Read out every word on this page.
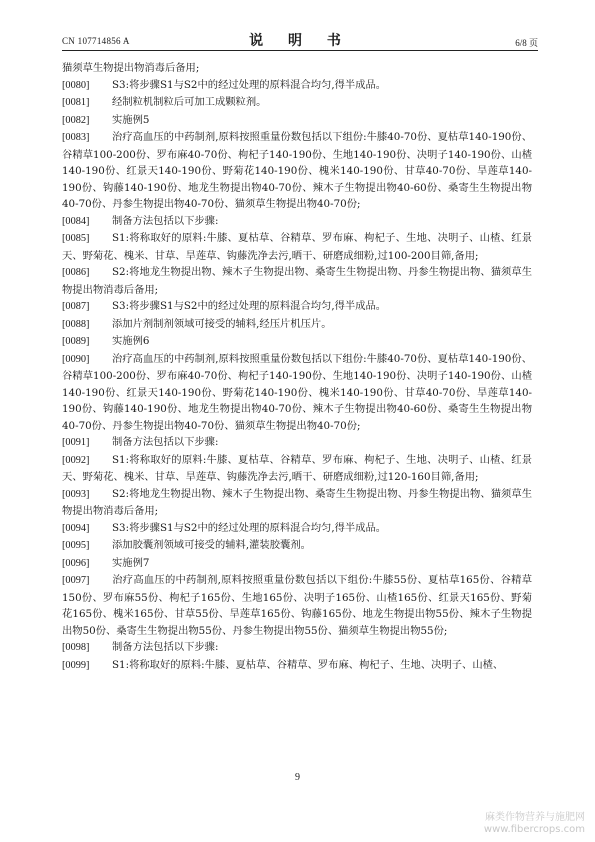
CN 107714856 A	说 明 书	6/8 页

猫须草生物提出物消毒后备用;

[0080] S3:将步骤S1与S2中的经过处理的原料混合均匀,得半成品。

[0081] 经制粒机制粒后可加工成颗粒剂。

[0082] 实施例5

[0083] 治疗高血压的中药制剂,原料按照重量份数包括以下组份:牛膝40-70份、夏枯草140-190份、谷精草100-200份、罗布麻40-70份、枸杞子140-190份、生地140-190份、决明子140-190份、山楂140-190份、红景天140-190份、野菊花140-190份、槐米140-190份、甘草40-70份、旱莲草140-190份、钩藤140-190份、地龙生物提出物40-70份、辣木子生物提出物40-60份、桑寄生生物提出物40-70份、丹参生物提出物40-70份、猫须草生物提出物40-70份;

[0084] 制备方法包括以下步骤:

[0085] S1:将称取好的原料:牛膝、夏枯草、谷精草、罗布麻、枸杞子、生地、决明子、山楂、红景天、野菊花、槐米、甘草、旱莲草、钩藤洗净去污,晒干、研磨成细粉,过100-200目筛,备用;

[0086] S2:将地龙生物提出物、辣木子生物提出物、桑寄生生物提出物、丹参生物提出物、猫须草生物提出物消毒后备用;

[0087] S3:将步骤S1与S2中的经过处理的原料混合均匀,得半成品。

[0088] 添加片剂制剂领域可接受的辅料,经压片机压片。

[0089] 实施例6

[0090] 治疗高血压的中药制剂,原料按照重量份数包括以下组份:牛膝40-70份、夏枯草140-190份、谷精草100-200份、罗布麻40-70份、枸杞子140-190份、生地140-190份、决明子140-190份、山楂140-190份、红景天140-190份、野菊花140-190份、槐米140-190份、甘草40-70份、旱莲草140-190份、钩藤140-190份、地龙生物提出物40-70份、辣木子生物提出物40-60份、桑寄生生物提出物40-70份、丹参生物提出物40-70份、猫须草生物提出物40-70份;

[0091] 制备方法包括以下步骤:

[0092] S1:将称取好的原料:牛膝、夏枯草、谷精草、罗布麻、枸杞子、生地、决明子、山楂、红景天、野菊花、槐米、甘草、旱莲草、钩藤洗净去污,晒干、研磨成细粉,过120-160目筛,备用;

[0093] S2:将地龙生物提出物、辣木子生物提出物、桑寄生生物提出物、丹参生物提出物、猫须草生物提出物消毒后备用;

[0094] S3:将步骤S1与S2中的经过处理的原料混合均匀,得半成品。

[0095] 添加胶囊剂领域可接受的辅料,灌装胶囊剂。

[0096] 实施例7

[0097] 治疗高血压的中药制剂,原料按照重量份数包括以下组份:牛膝55份、夏枯草165份、谷精草150份、罗布麻55份、枸杞子165份、生地165份、决明子165份、山楂165份、红景天165份、野菊花165份、槐米165份、甘草55份、旱莲草165份、钩藤165份、地龙生物提出物55份、辣木子生物提出物50份、桑寄生生物提出物55份、丹参生物提出物55份、猫须草生物提出物55份;

[0098] 制备方法包括以下步骤:

[0099] S1:将称取好的原料:牛膝、夏枯草、谷精草、罗布麻、枸杞子、生地、决明子、山楂、

9
麻类作物营养与施肥网
www.fibercrops.com
